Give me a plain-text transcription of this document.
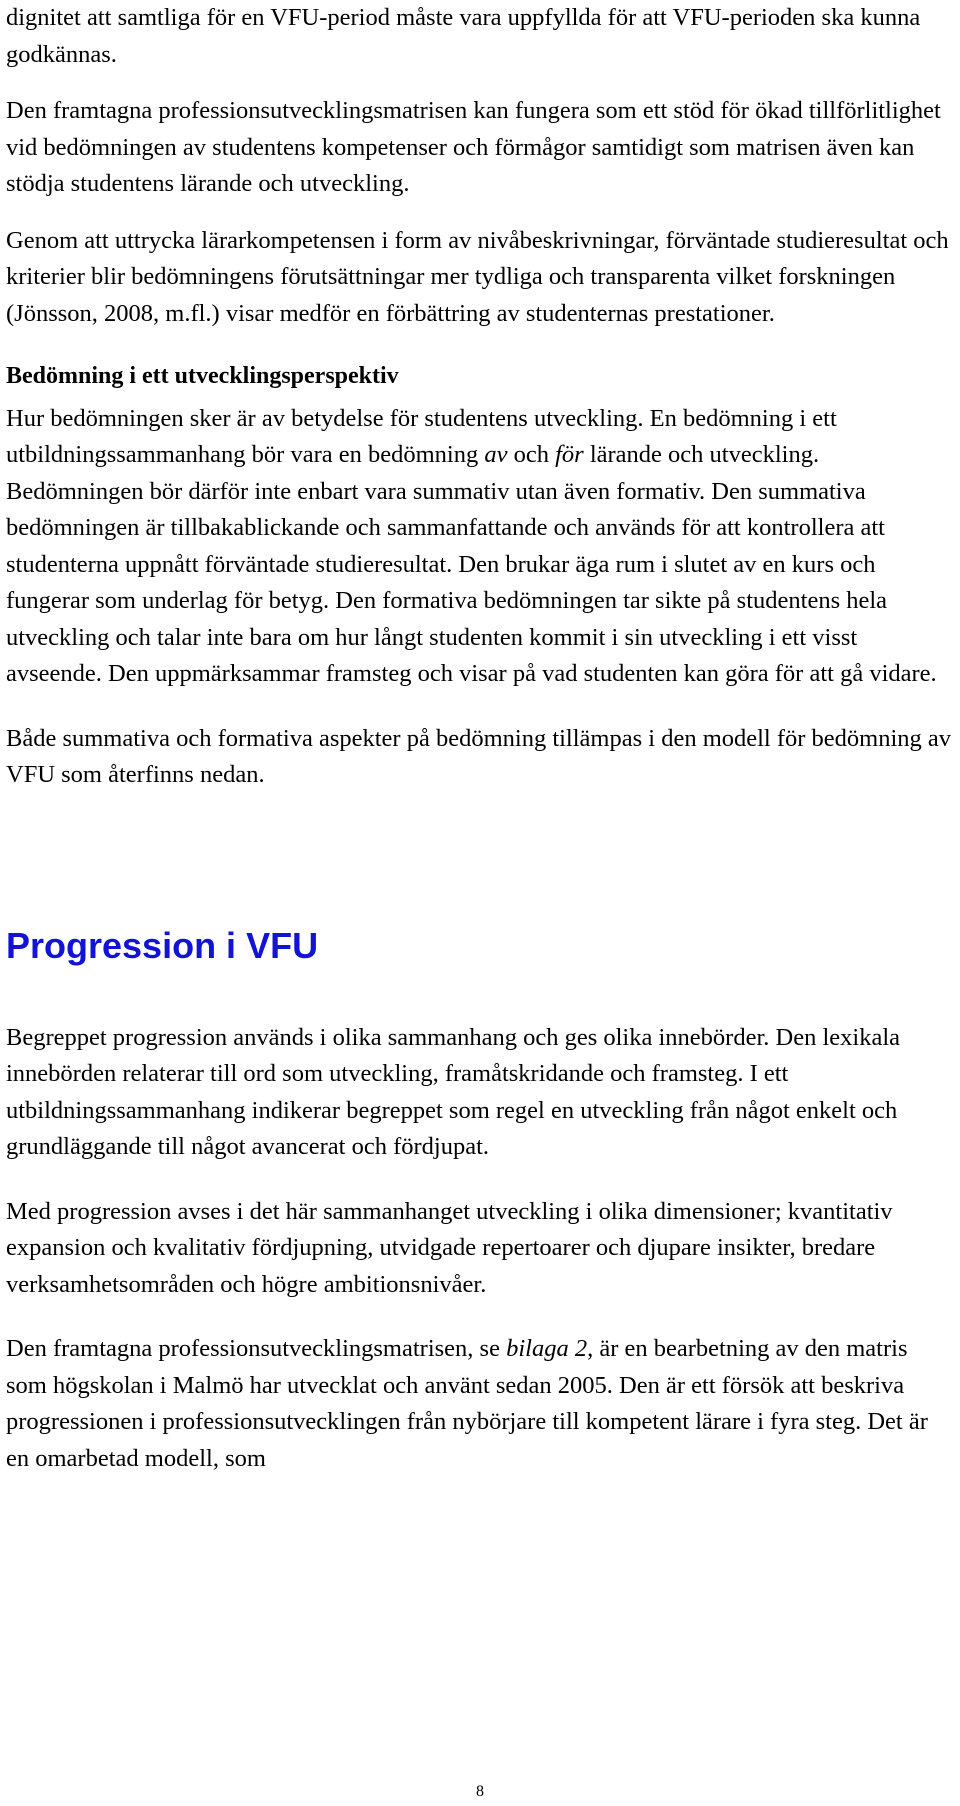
dignitet att samtliga för en VFU-period måste vara uppfyllda för att VFU-perioden ska kunna godkännas.

Den framtagna professionsutvecklingsmatrisen kan fungera som ett stöd för ökad tillförlitlighet vid bedömningen av studentens kompetenser och förmågor samtidigt som matrisen även kan stödja studentens lärande och utveckling.

Genom att uttrycka lärarkompetensen i form av nivåbeskrivningar, förväntade studieresultat och kriterier blir bedömningens förutsättningar mer tydliga och transparenta vilket forskningen (Jönsson, 2008, m.fl.) visar medför en förbättring av studenternas prestationer.

Bedömning i ett utvecklingsperspektiv

Hur bedömningen sker är av betydelse för studentens utveckling. En bedömning i ett utbildningssammanhang bör vara en bedömning av och för lärande och utveckling. Bedömningen bör därför inte enbart vara summativ utan även formativ. Den summativa bedömningen är tillbakablickande och sammanfattande och används för att kontrollera att studenterna uppnått förväntade studieresultat. Den brukar äga rum i slutet av en kurs och fungerar som underlag för betyg. Den formativa bedömningen tar sikte på studentens hela utveckling och talar inte bara om hur långt studenten kommit i sin utveckling i ett visst avseende. Den uppmärksammar framsteg och visar på vad studenten kan göra för att gå vidare.

Både summativa och formativa aspekter på bedömning tillämpas i den modell för bedömning av VFU som återfinns nedan.

Progression i VFU

Begreppet progression används i olika sammanhang och ges olika innebörder. Den lexikala innebörden relaterar till ord som utveckling, framåtskridande och framsteg. I ett utbildningssammanhang indikerar begreppet som regel en utveckling från något enkelt och grundläggande till något avancerat och fördjupat.

Med progression avses i det här sammanhanget utveckling i olika dimensioner; kvantitativ expansion och kvalitativ fördjupning, utvidgade repertoarer och djupare insikter, bredare verksamhetsområden och högre ambitionsnivåer.

Den framtagna professionsutvecklingsmatrisen, se bilaga 2, är en bearbetning av den matris som högskolan i Malmö har utvecklat och använt sedan 2005. Den är ett försök att beskriva progressionen i professionsutvecklingen från nybörjare till kompetent lärare i fyra steg. Det är en omarbetad modell, som

8
